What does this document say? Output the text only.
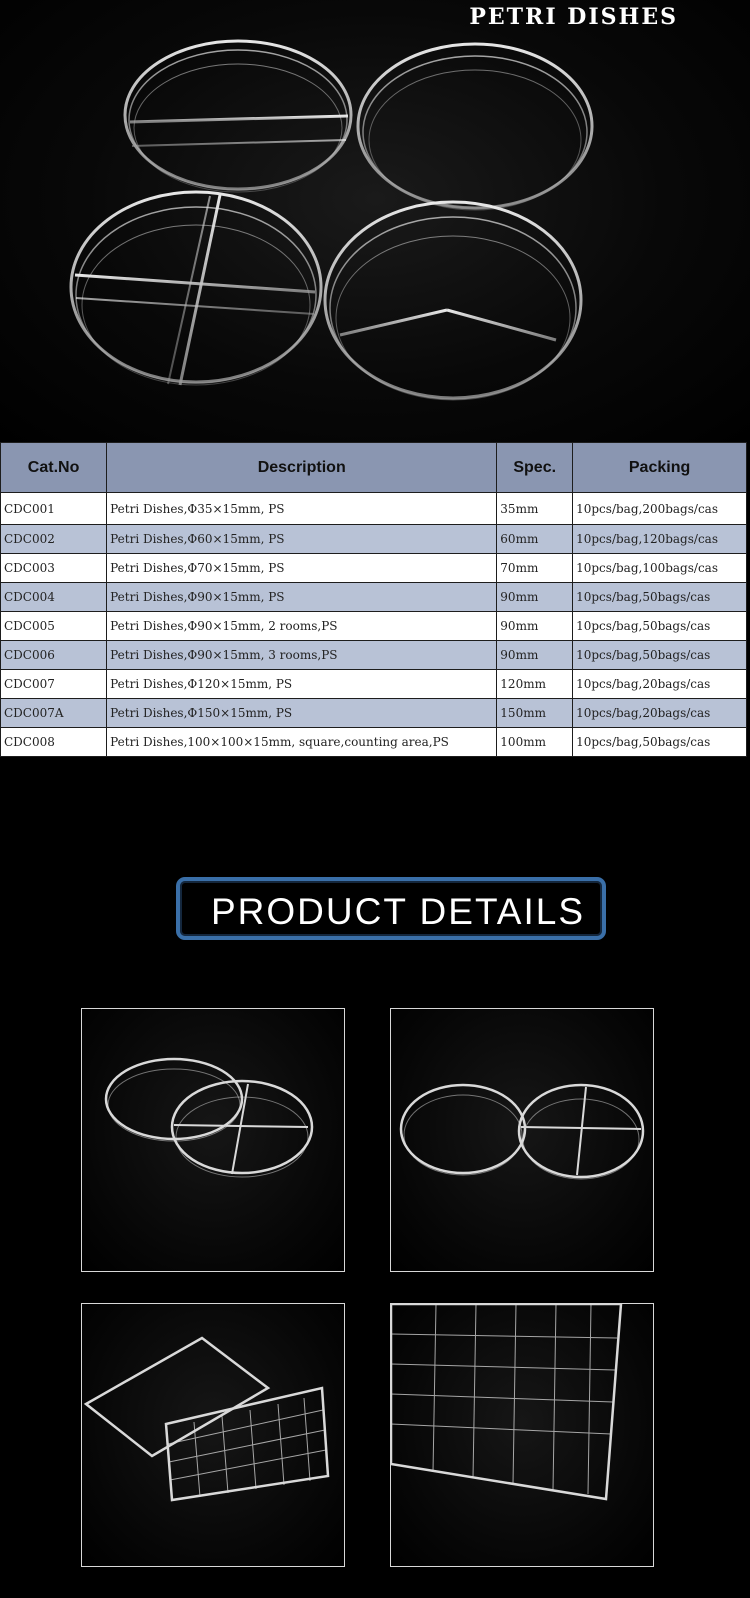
PETRI DISHES
Cat.No	Description	Spec.	Packing
CDC001	Petri Dishes,Φ35×15mm, PS	35mm	10pcs/bag,200bags/cas
CDC002	Petri Dishes,Φ60×15mm, PS	60mm	10pcs/bag,120bags/cas
CDC003	Petri Dishes,Φ70×15mm, PS	70mm	10pcs/bag,100bags/cas
CDC004	Petri Dishes,Φ90×15mm, PS	90mm	10pcs/bag,50bags/cas
CDC005	Petri Dishes,Φ90×15mm, 2 rooms,PS	90mm	10pcs/bag,50bags/cas
CDC006	Petri Dishes,Φ90×15mm, 3 rooms,PS	90mm	10pcs/bag,50bags/cas
CDC007	Petri Dishes,Φ120×15mm, PS	120mm	10pcs/bag,20bags/cas
CDC007A	Petri Dishes,Φ150×15mm, PS	150mm	10pcs/bag,20bags/cas
CDC008	Petri Dishes,100×100×15mm, square,counting area,PS	100mm	10pcs/bag,50bags/cas
PRODUCT DETAILS
